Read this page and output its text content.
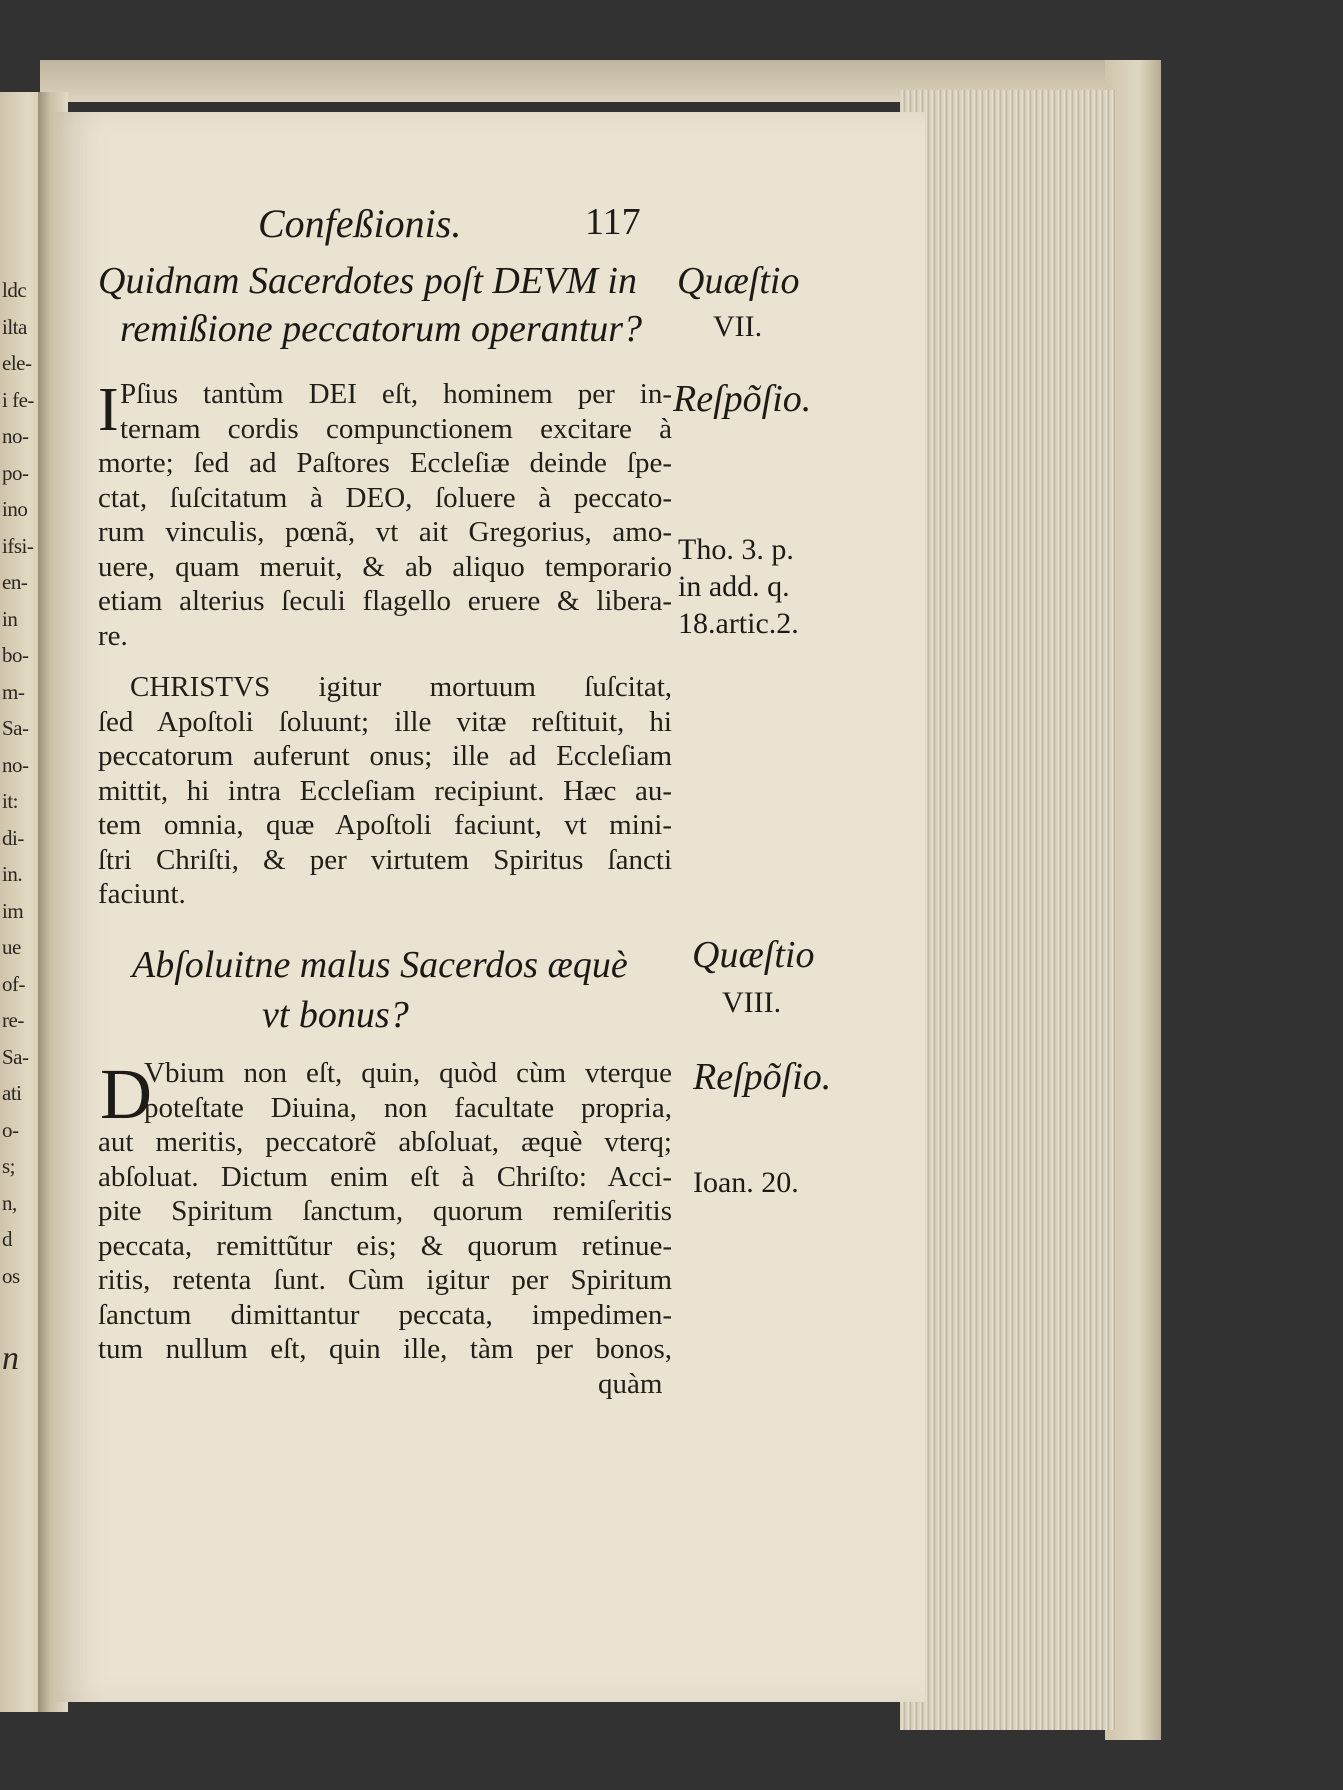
ldc
ilta
ele-
i fe-
no-
po-
ino
ifsi-
en-
in
bo-
m-
Sa-
no-
it:
di-
in.
im
ue
of-
re-
Sa-
ati
o-
s;
n,
d
os
n
Confeßionis.	117
Quidnam Sacerdotes poſt DEVM in
remißione peccatorum operantur?
Quæſtio
VII.
Reſpõſio.
I Pſius tantùm DEI eſt, hominem per in-
ternam cordis compunctionem excitare à
morte; ſed ad Paſtores Eccleſiæ deinde ſpe-
ctat, ſuſcitatum à DEO, ſoluere à peccato-
rum vinculis, pœnã, vt ait Gregorius, amo-
uere, quam meruit, & ab aliquo temporario
etiam alterius ſeculi flagello eruere & libera-
re.
Tho. 3. p.
in add. q.
18.artic.2.
CHRISTVS igitur mortuum ſuſcitat,
ſed Apoſtoli ſoluunt; ille vitæ reſtituit, hi
peccatorum auferunt onus; ille ad Eccleſiam
mittit, hi intra Eccleſiam recipiunt. Hæc au-
tem omnia, quæ Apoſtoli faciunt, vt mini-
ſtri Chriſti, & per virtutem Spiritus ſancti
faciunt.
Abſoluitne malus Sacerdos æquè
vt bonus?
Quæſtio
VIII.
Reſpõſio.
D
Vbium non eſt, quin, quòd cùm vterque
poteſtate Diuina, non facultate propria,
aut meritis, peccatorẽ abſoluat, æquè vterq;
abſoluat. Dictum enim eſt à Chriſto: Acci-
pite Spiritum ſanctum, quorum remiſeritis
peccata, remittũtur eis; & quorum retinue-
ritis, retenta ſunt. Cùm igitur per Spiritum
ſanctum dimittantur peccata, impedimen-
tum nullum eſt, quin ille, tàm per bonos,
quàm
Ioan. 20.
